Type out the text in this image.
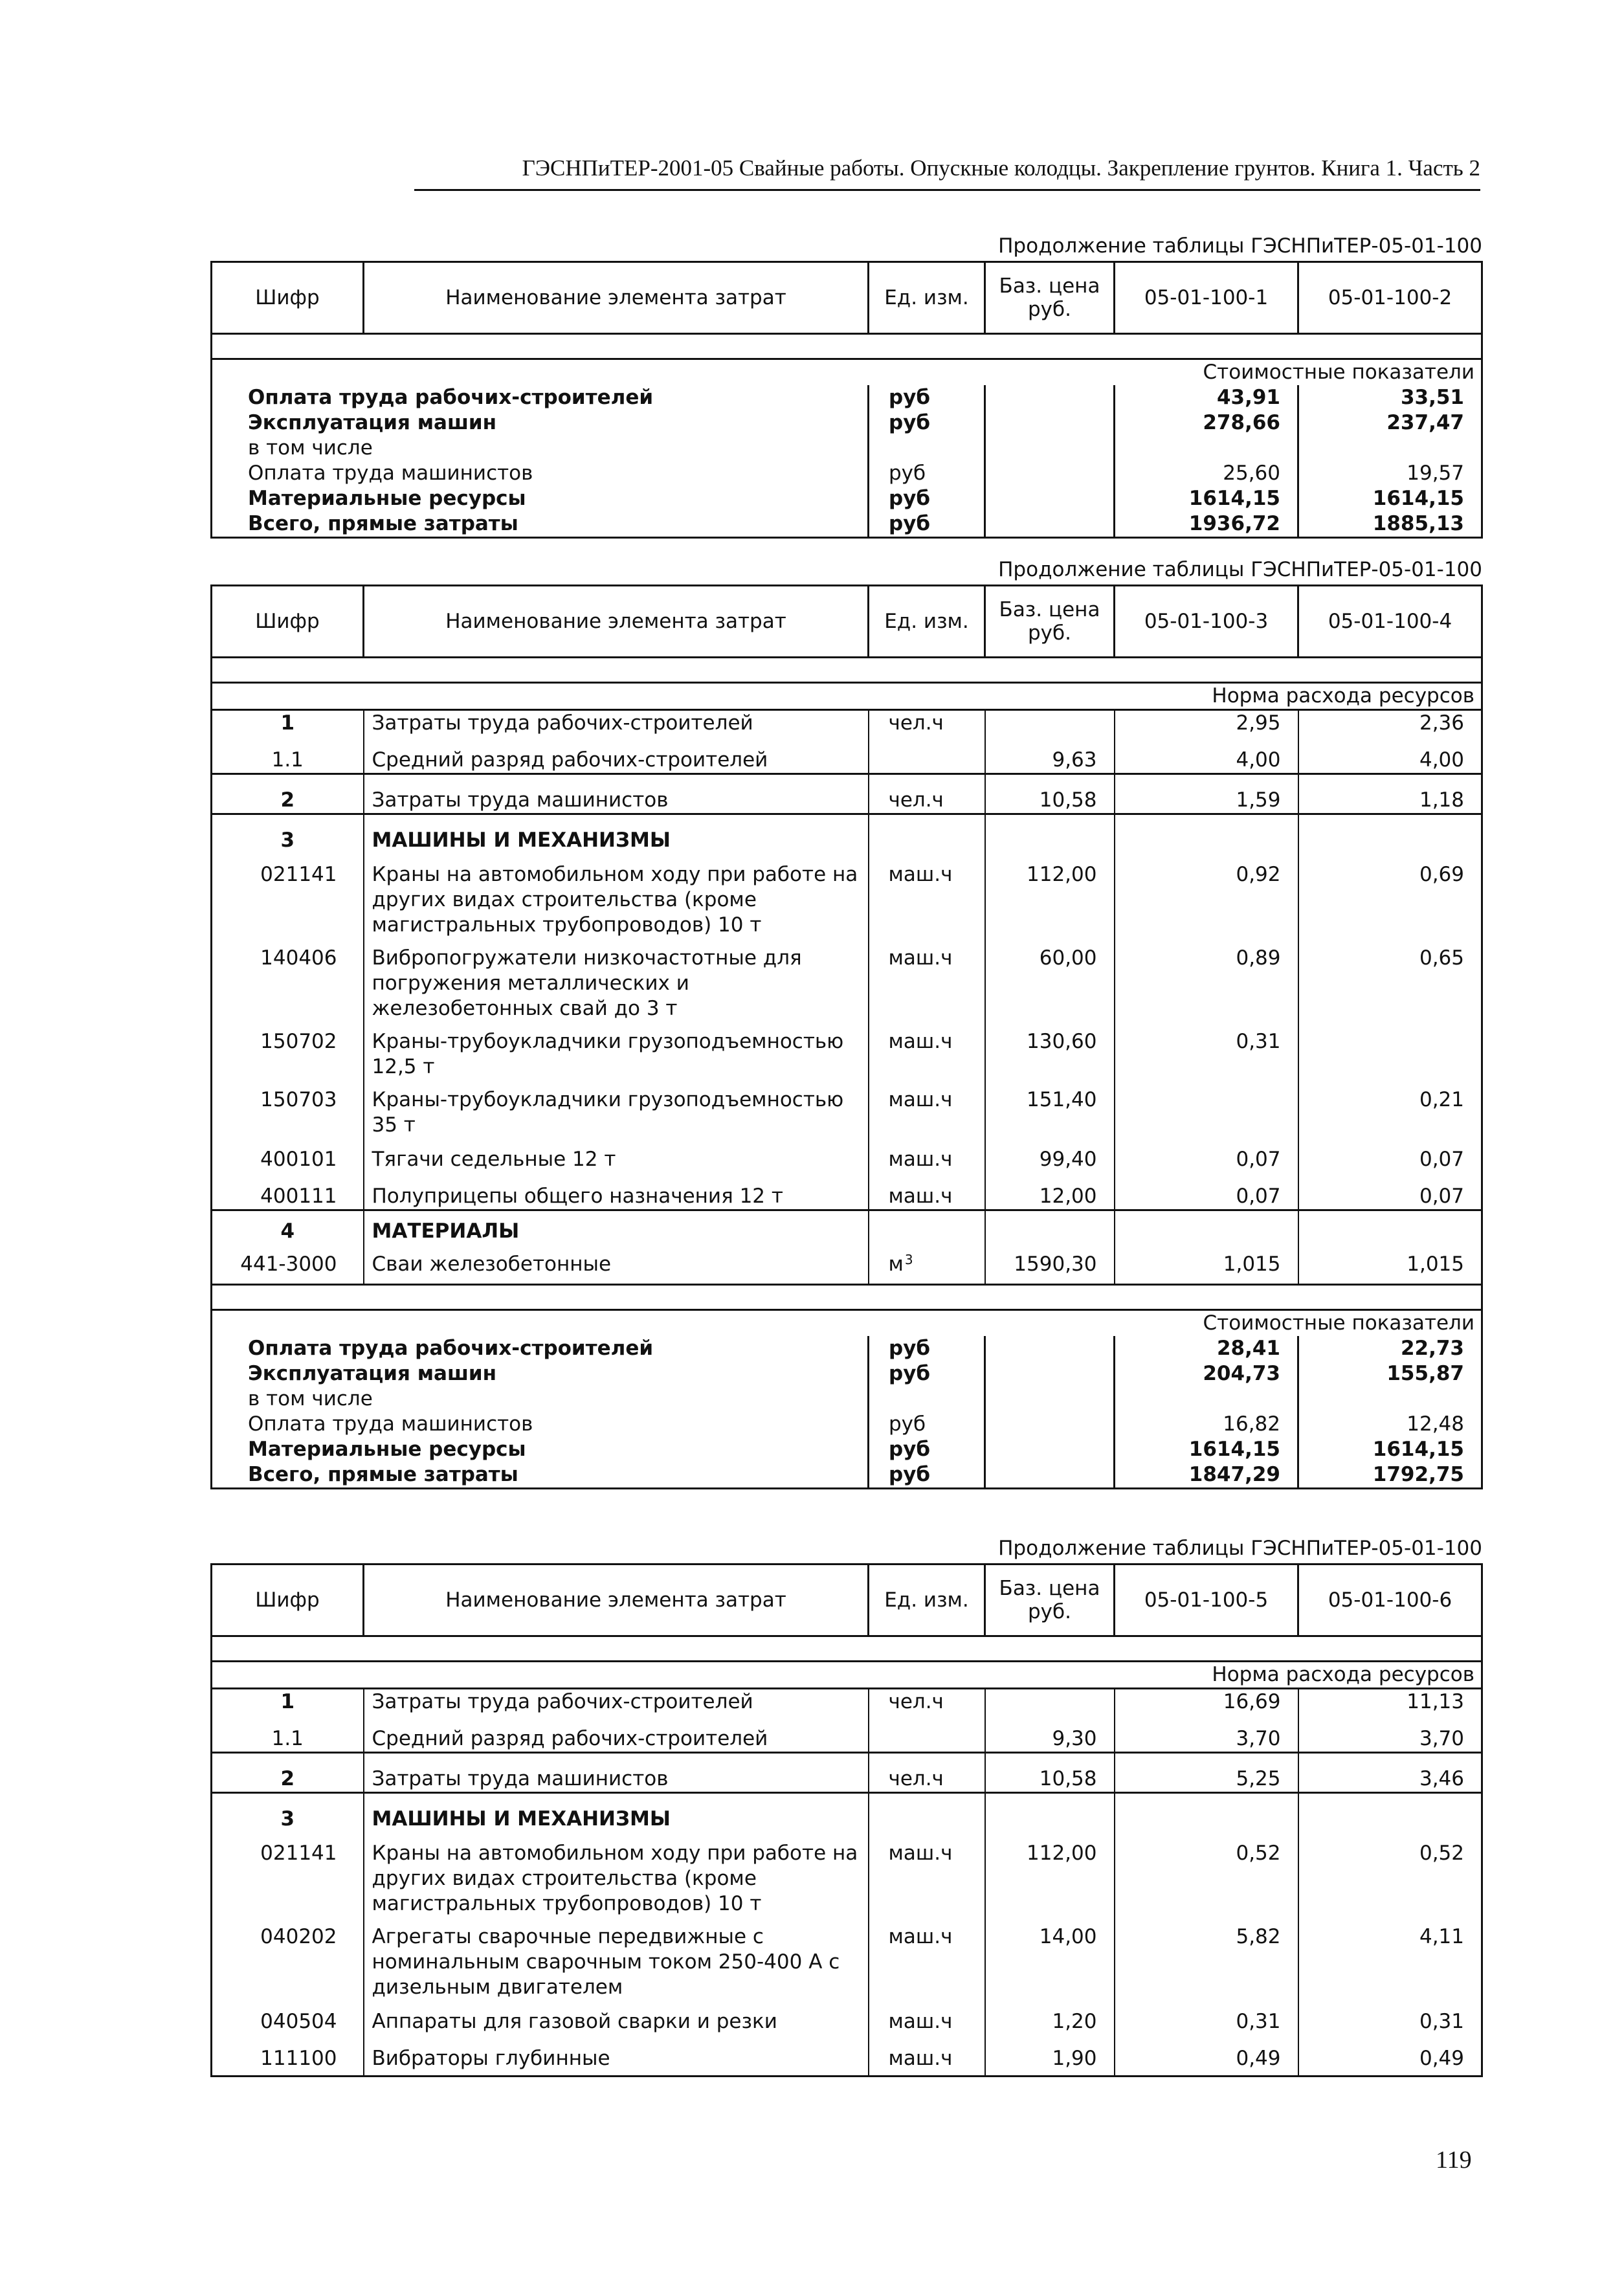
ГЭСНПиТЕР-2001-05 Свайные работы. Опускные колодцы. Закрепление грунтов. Книга 1. Часть 2
Продолжение таблицы ГЭСНПиТЕР-05-01-100
Шифр	Наименование элемента затрат	Ед. изм.	Баз. цена руб.	05-01-100-1	05-01-100-2

Стоимостные показатели					
Оплата труда рабочих-строителей		руб		43,91	33,51
Эксплуатация машин		руб		278,66	237,47
в том числе					
Оплата труда машинистов		руб		25,60	19,57
Материальные ресурсы		руб		1614,15	1614,15
Всего, прямые затраты		руб		1936,72	1885,13
Продолжение таблицы ГЭСНПиТЕР-05-01-100
Шифр	Наименование элемента затрат	Ед. изм.	Баз. цена руб.	05-01-100-3	05-01-100-4

Норма расхода ресурсов					
1	Затраты труда рабочих-строителей	чел.ч		2,95	2,36
1.1	Средний разряд рабочих-строителей		9,63	4,00	4,00
2	Затраты труда машинистов	чел.ч	10,58	1,59	1,18
3	МАШИНЫ И МЕХАНИЗМЫ				
021141	Краны на автомобильном ходу при работе на других видах строительства (кроме магистральных трубопроводов) 10 т	маш.ч	112,00	0,92	0,69
140406	Вибропогружатели низкочастотные для погружения металлических и железобетонных свай до 3 т	маш.ч	60,00	0,89	0,65
150702	Краны-трубоукладчики грузоподъемностью 12,5 т	маш.ч	130,60	0,31	
150703	Краны-трубоукладчики грузоподъемностью 35 т	маш.ч	151,40		0,21
400101	Тягачи седельные 12 т	маш.ч	99,40	0,07	0,07
400111	Полуприцепы общего назначения 12 т	маш.ч	12,00	0,07	0,07
4	МАТЕРИАЛЫ				
441-3000	Сваи железобетонные	м $^3$	1590,30	1,015	1,015

Стоимостные показатели					
Оплата труда рабочих-строителей		руб		28,41	22,73
Эксплуатация машин		руб		204,73	155,87
в том числе					
Оплата труда машинистов		руб		16,82	12,48
Материальные ресурсы		руб		1614,15	1614,15
Всего, прямые затраты		руб		1847,29	1792,75
Продолжение таблицы ГЭСНПиТЕР-05-01-100
Шифр	Наименование элемента затрат	Ед. изм.	Баз. цена руб.	05-01-100-5	05-01-100-6

Норма расхода ресурсов					
1	Затраты труда рабочих-строителей	чел.ч		16,69	11,13
1.1	Средний разряд рабочих-строителей		9,30	3,70	3,70
2	Затраты труда машинистов	чел.ч	10,58	5,25	3,46
3	МАШИНЫ И МЕХАНИЗМЫ				
021141	Краны на автомобильном ходу при работе на других видах строительства (кроме магистральных трубопроводов) 10 т	маш.ч	112,00	0,52	0,52
040202	Агрегаты сварочные передвижные с номинальным сварочным током 250-400 А с дизельным двигателем	маш.ч	14,00	5,82	4,11
040504	Аппараты для газовой сварки и резки	маш.ч	1,20	0,31	0,31
111100	Вибраторы глубинные	маш.ч	1,90	0,49	0,49
119
